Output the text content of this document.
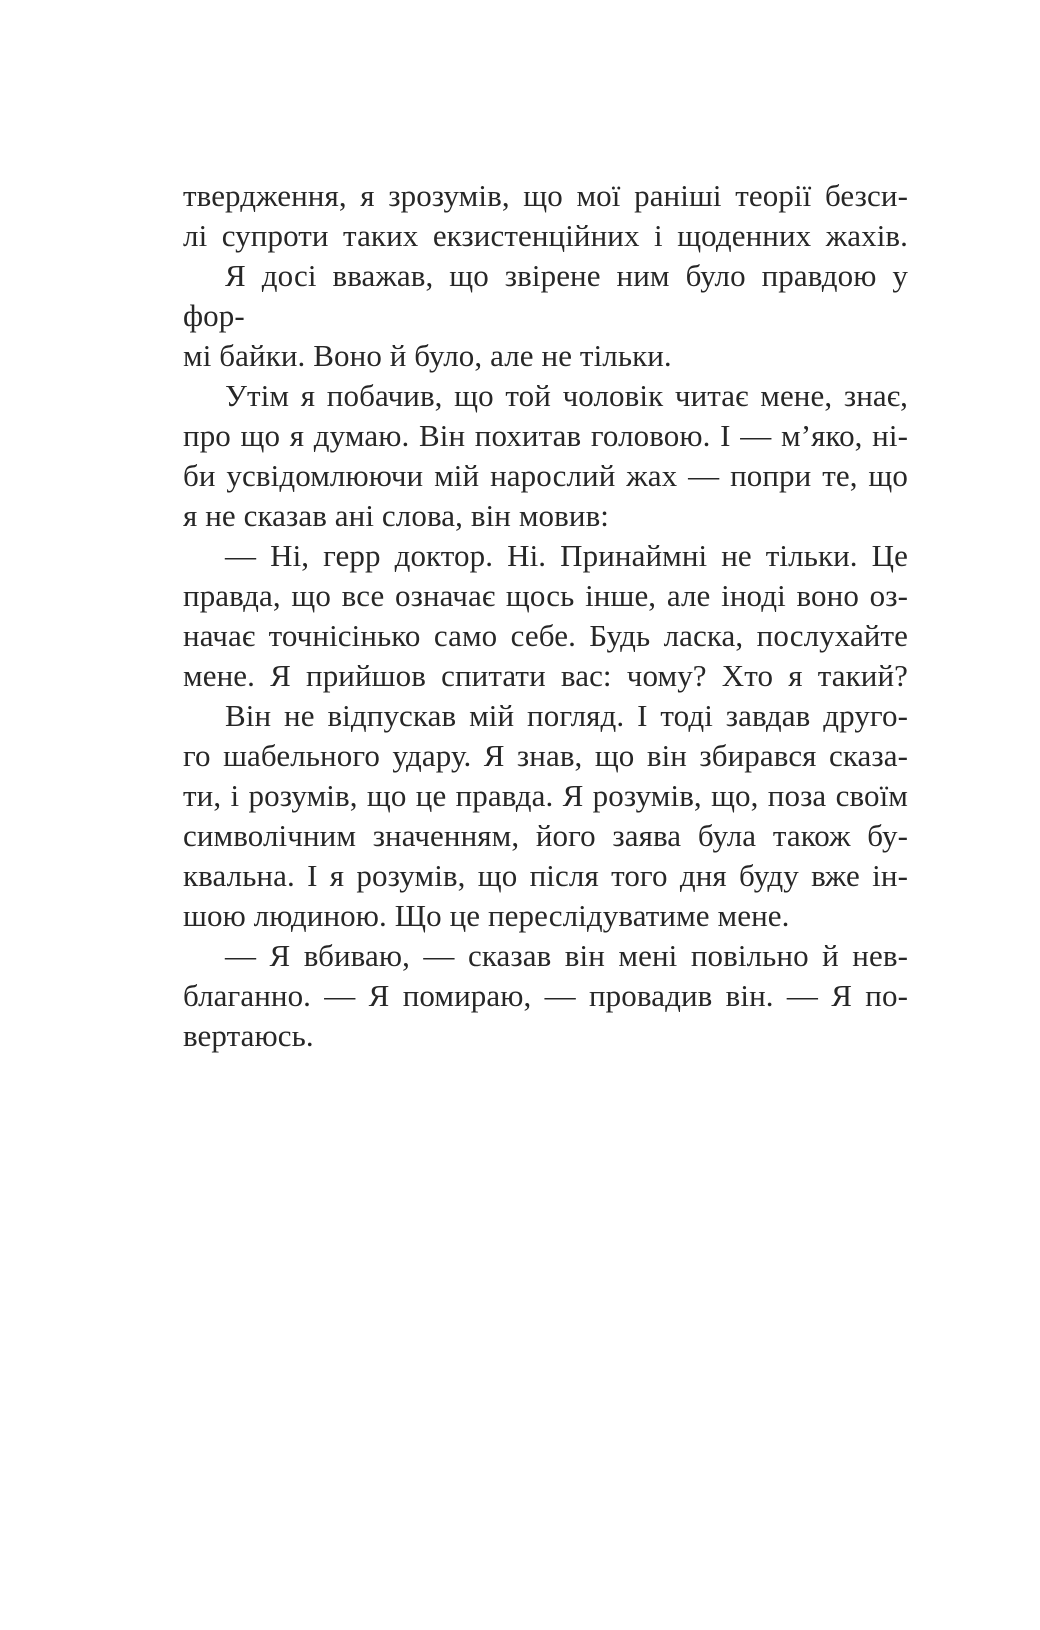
твердження, я зрозумів, що мої раніші теорії безси-
лі супроти таких екзистенційних і щоденних жахів.

Я досі вважав, що звірене ним було правдою у фор-
мі байки. Воно й було, але не тільки.

Утім я побачив, що той чоловік читає мене, знає,
про що я думаю. Він похитав головою. І — м’яко, ні-
би усвідомлюючи мій нарослий жах — попри те, що
я не сказав ані слова, він мовив:

— Ні, герр доктор. Ні. Принаймні не тільки. Це
правда, що все означає щось інше, але іноді воно оз-
начає точнісінько само себе. Будь ласка, послухайте
мене. Я прийшов спитати вас: чому? Хто я такий?

Він не відпускав мій погляд. І тоді завдав друго-
го шабельного удару. Я знав, що він збирався сказа-
ти, і розумів, що це правда. Я розумів, що, поза своїм
символічним значенням, його заява була також бу-
квальна. І я розумів, що після того дня буду вже ін-
шою людиною. Що це переслідуватиме мене.

— Я вбиваю, — сказав він мені повільно й нев-
благанно. — Я помираю, — провадив він. — Я по-
вертаюсь.
